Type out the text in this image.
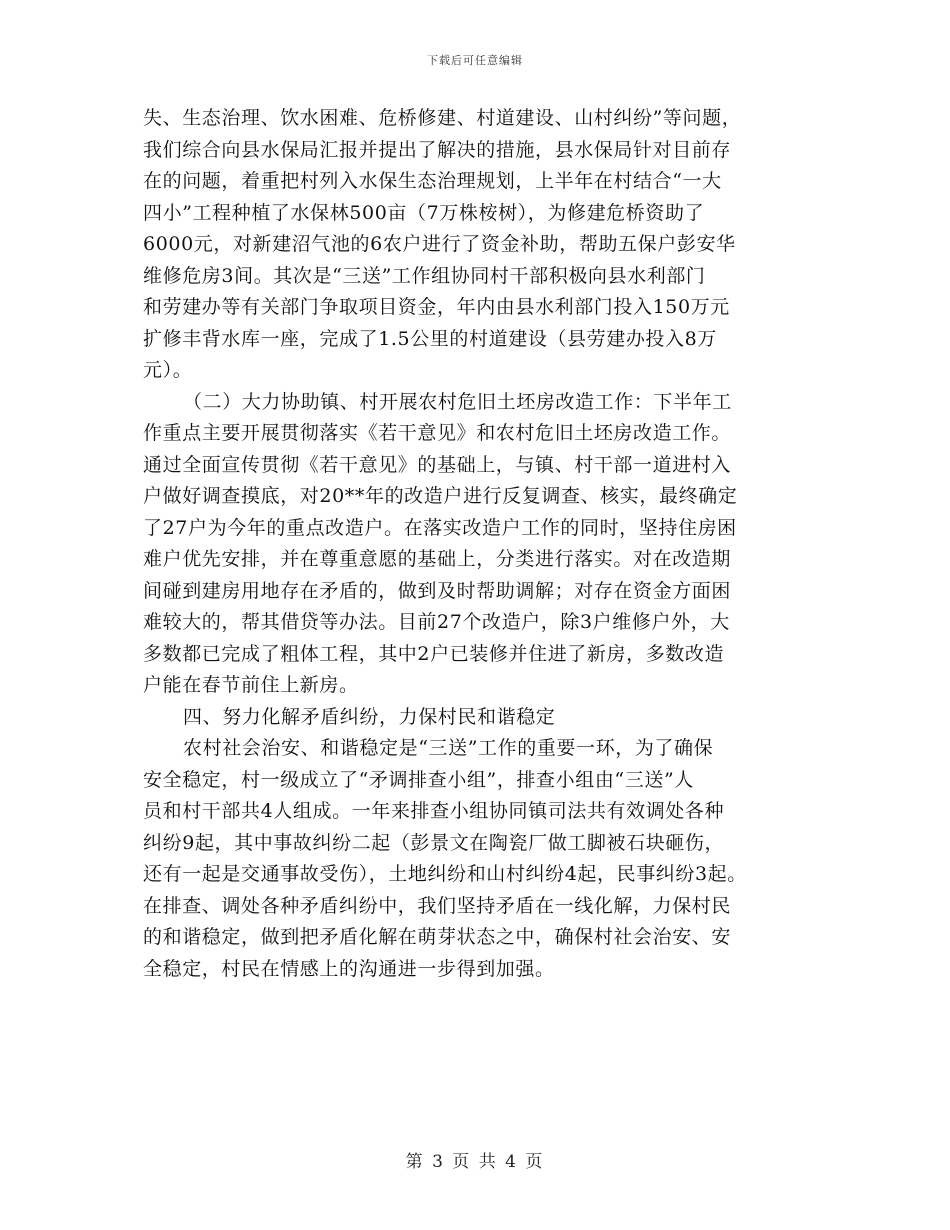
下载后可任意编辑
失、生态治理、饮水困难、危桥修建、村道建设、山村纠纷”等问题，
我们综合向县水保局汇报并提出了解决的措施，县水保局针对目前存
在的问题，着重把村列入水保生态治理规划，上半年在村结合“一大
四小”工程种植了水保林500亩（7万株桉树），为修建危桥资助了
6000元，对新建沼气池的6农户进行了资金补助，帮助五保户彭安华
维修危房3间。其次是“三送”工作组协同村干部积极向县水利部门
和劳建办等有关部门争取项目资金，年内由县水利部门投入150万元
扩修丰背水库一座，完成了1.5公里的村道建设（县劳建办投入8万
元）。
（二）大力协助镇、村开展农村危旧土坯房改造工作：下半年工
作重点主要开展贯彻落实《若干意见》和农村危旧土坯房改造工作。
通过全面宣传贯彻《若干意见》的基础上，与镇、村干部一道进村入
户做好调查摸底，对20**年的改造户进行反复调查、核实，最终确定
了27户为今年的重点改造户。在落实改造户工作的同时，坚持住房困
难户优先安排，并在尊重意愿的基础上，分类进行落实。对在改造期
间碰到建房用地存在矛盾的，做到及时帮助调解；对存在资金方面困
难较大的，帮其借贷等办法。目前27个改造户，除3户维修户外，大
多数都已完成了粗体工程，其中2户已装修并住进了新房，多数改造
户能在春节前住上新房。
四、努力化解矛盾纠纷，力保村民和谐稳定
农村社会治安、和谐稳定是“三送”工作的重要一环，为了确保
安全稳定，村一级成立了“矛调排查小组”，排查小组由“三送”人
员和村干部共4人组成。一年来排查小组协同镇司法共有效调处各种
纠纷9起，其中事故纠纷二起（彭景文在陶瓷厂做工脚被石块砸伤，
还有一起是交通事故受伤），土地纠纷和山村纠纷4起，民事纠纷3起。
在排查、调处各种矛盾纠纷中，我们坚持矛盾在一线化解，力保村民
的和谐稳定，做到把矛盾化解在萌芽状态之中，确保村社会治安、安
全稳定，村民在情感上的沟通进一步得到加强。
第 3 页 共 4 页
